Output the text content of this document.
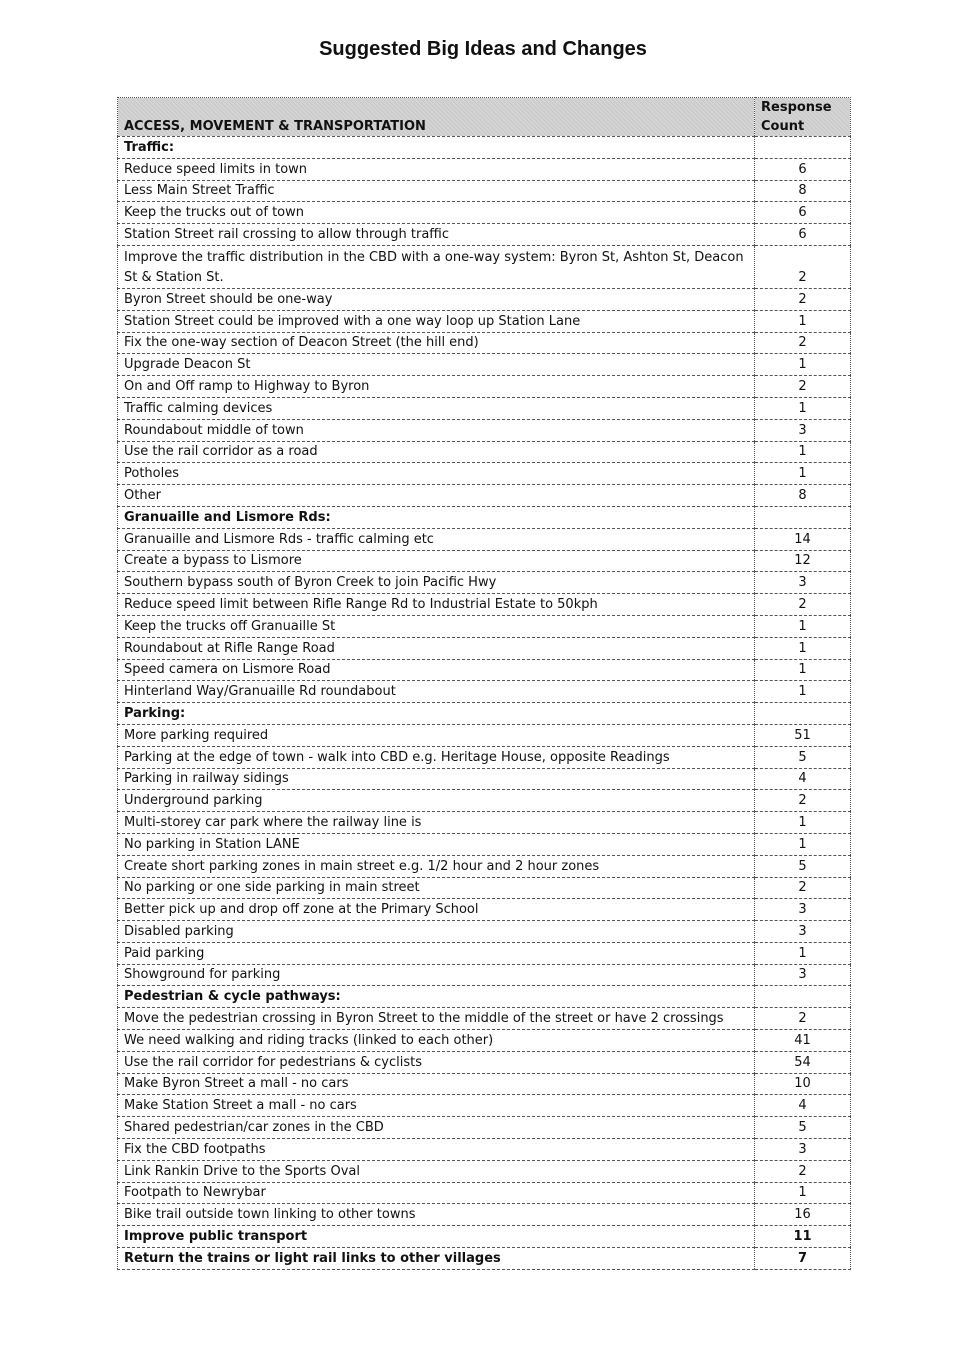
Suggested Big Ideas and Changes
ACCESS, MOVEMENT & TRANSPORTATION	Response Count
Traffic:	
Reduce speed limits in town	6
Less Main Street Traffic	8
Keep the trucks out of town	6
Station Street rail crossing to allow through traffic	6
Improve the traffic distribution in the CBD with a one-way system: Byron St, Ashton St, Deacon St & Station St.	2
Byron Street should be one-way	2
Station Street could be improved with a one way loop up Station Lane	1
Fix the one-way section of Deacon Street (the hill end)	2
Upgrade Deacon St	1
On and Off ramp to Highway to Byron	2
Traffic calming devices	1
Roundabout middle of town	3
Use the rail corridor as a road	1
Potholes	1
Other	8
Granuaille and Lismore Rds:	
Granuaille and Lismore Rds - traffic calming etc	14
Create a bypass to Lismore	12
Southern bypass south of Byron Creek to join Pacific Hwy	3
Reduce speed limit between Rifle Range Rd to Industrial Estate to 50kph	2
Keep the trucks off Granuaille St	1
Roundabout at Rifle Range Road	1
Speed camera on Lismore Road	1
Hinterland Way/Granuaille Rd roundabout	1
Parking:	
More parking required	51
Parking at the edge of town - walk into CBD e.g. Heritage House, opposite Readings	5
Parking in railway sidings	4
Underground parking	2
Multi-storey car park where the railway line is	1
No parking in Station LANE	1
Create short parking zones in main street e.g. 1/2 hour and 2 hour zones	5
No parking or one side parking in main street	2
Better pick up and drop off zone at the Primary School	3
Disabled parking	3
Paid parking	1
Showground for parking	3
Pedestrian & cycle pathways:	
Move the pedestrian crossing in Byron Street to the middle of the street or have 2 crossings	2
We need walking and riding tracks (linked to each other)	41
Use the rail corridor for pedestrians & cyclists	54
Make Byron Street a mall - no cars	10
Make Station Street a mall - no cars	4
Shared pedestrian/car zones in the CBD	5
Fix the CBD footpaths	3
Link Rankin Drive to the Sports Oval	2
Footpath to Newrybar	1
Bike trail outside town linking to other towns	16
Improve public transport	11
Return the trains or light rail links to other villages	7
